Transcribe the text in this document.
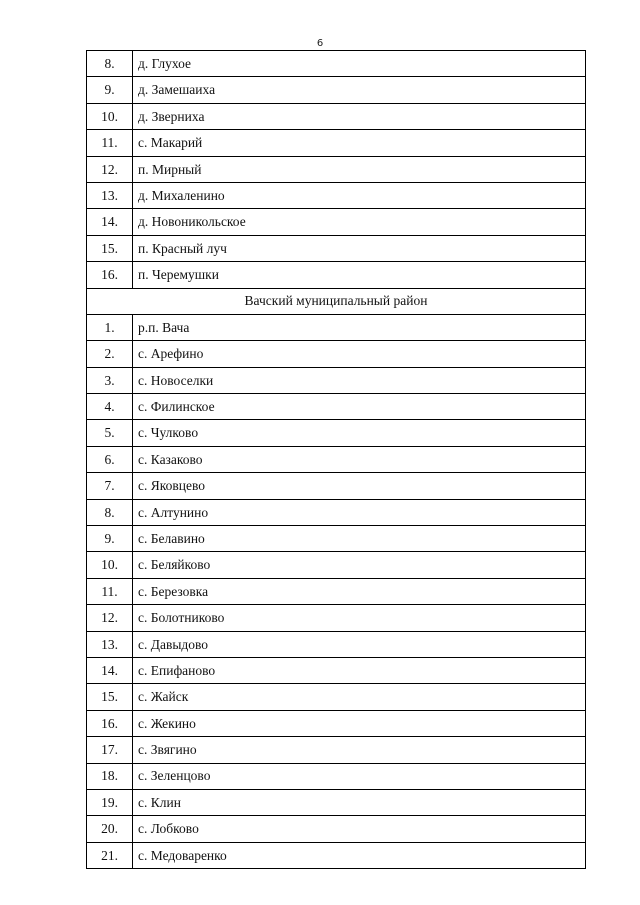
6
8.	д. Глухое
9.	д. Замешаиха
10.	д. Зверниха
11.	с. Макарий
12.	п. Мирный
13.	д. Михаленино
14.	д. Новоникольское
15.	п. Красный луч
16.	п. Черемушки
Вачский муниципальный район	
1.	р.п. Вача
2.	с. Арефино
3.	с. Новоселки
4.	с. Филинское
5.	с. Чулково
6.	с. Казаково
7.	с. Яковцево
8.	с. Алтунино
9.	с. Белавино
10.	с. Беляйково
11.	с. Березовка
12.	с. Болотниково
13.	с. Давыдово
14.	с. Епифаново
15.	с. Жайск
16.	с. Жекино
17.	с. Звягино
18.	с. Зеленцово
19.	с. Клин
20.	с. Лобково
21.	с. Медоваренко
